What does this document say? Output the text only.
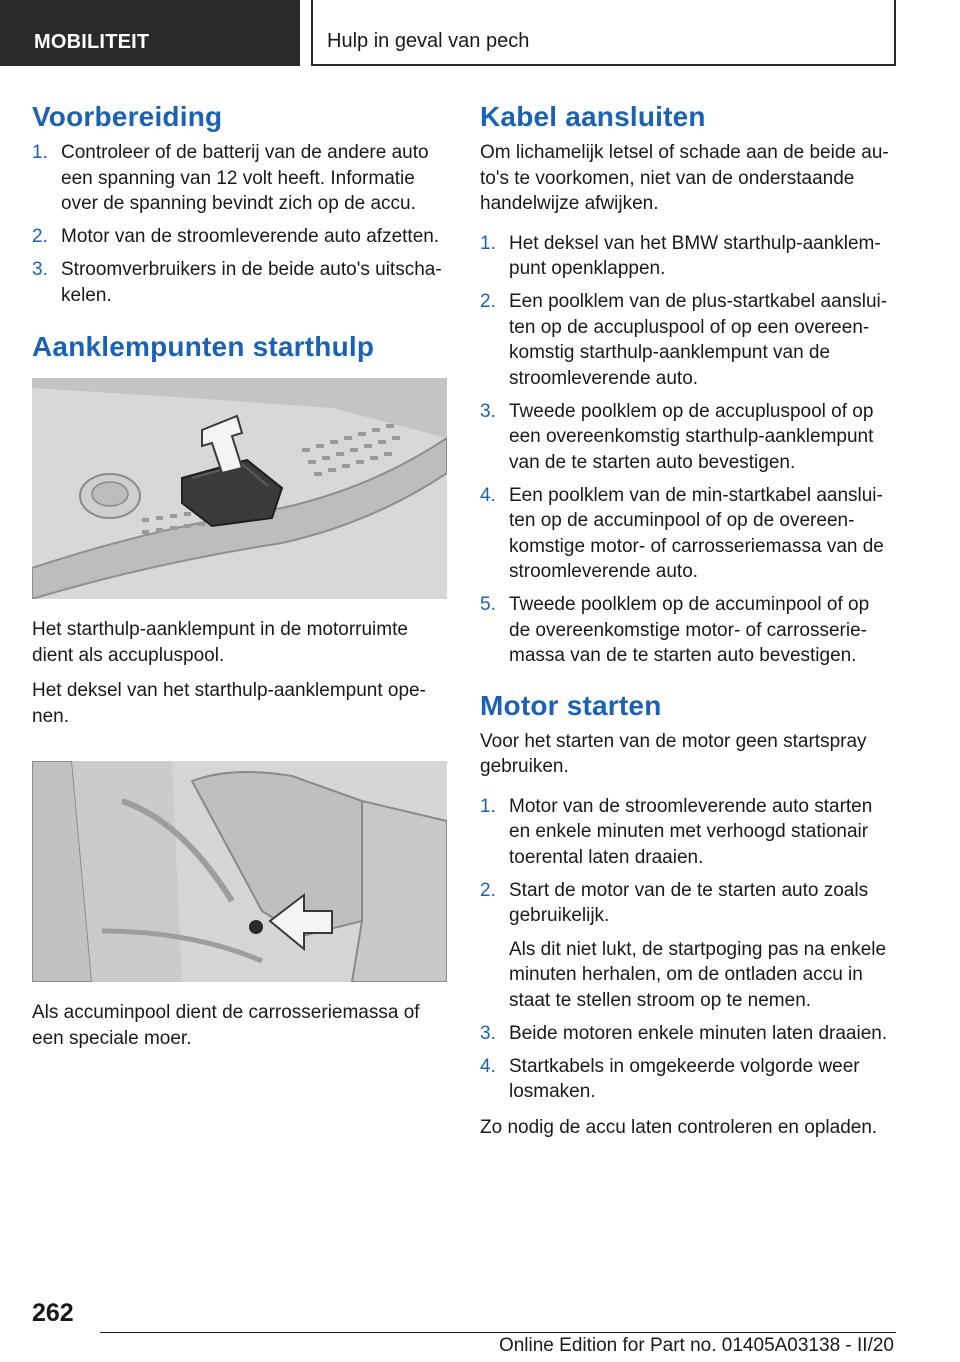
MOBILITEIT	Hulp in geval van pech
Voorbereiding
1. Controleer of de batterij van de andere auto een spanning van 12 volt heeft. Informatie over de spanning bevindt zich op de accu.
2. Motor van de stroomleverende auto afzetten.
3. Stroomverbruikers in de beide auto's uitschakelen.
Aanklempunten starthulp

Het starthulp-aanklempunt in de motorruimte dient als accupluspool.

Het deksel van het starthulp-aanklempunt openen.

Als accuminpool dient de carrosseriemassa of een speciale moer.

Kabel aansluiten

Om lichamelijk letsel of schade aan de beide auto's te voorkomen, niet van de onderstaande handelwijze afwijken.

1. Het deksel van het BMW starthulp-aanklempunt openklappen.
2. Een poolklem van de plus-startkabel aansluiten op de accupluspool of op een overeenkomstig starthulp-aanklempunt van de stroomleverende auto.
3. Tweede poolklem op de accupluspool of op een overeenkomstig starthulp-aanklempunt van de te starten auto bevestigen.
4. Een poolklem van de min-startkabel aansluiten op de accuminpool of op de overeenkomstige motor- of carrosseriemassa van de stroomleverende auto.
5. Tweede poolklem op de accuminpool of op de overeenkomstige motor- of carrosseriemassa van de te starten auto bevestigen.
Motor starten

Voor het starten van de motor geen startspray gebruiken.

1. Motor van de stroomleverende auto starten en enkele minuten met verhoogd stationair toerental laten draaien.
2. Start de motor van de te starten auto zoals gebruikelijk.
Als dit niet lukt, de startpoging pas na enkele minuten herhalen, om de ontladen accu in staat te stellen stroom op te nemen.
3. Beide motoren enkele minuten laten draaien.
4. Startkabels in omgekeerde volgorde weer losmaken.

Zo nodig de accu laten controleren en opladen.

262
Online Edition for Part no. 01405A03138 - II/20
